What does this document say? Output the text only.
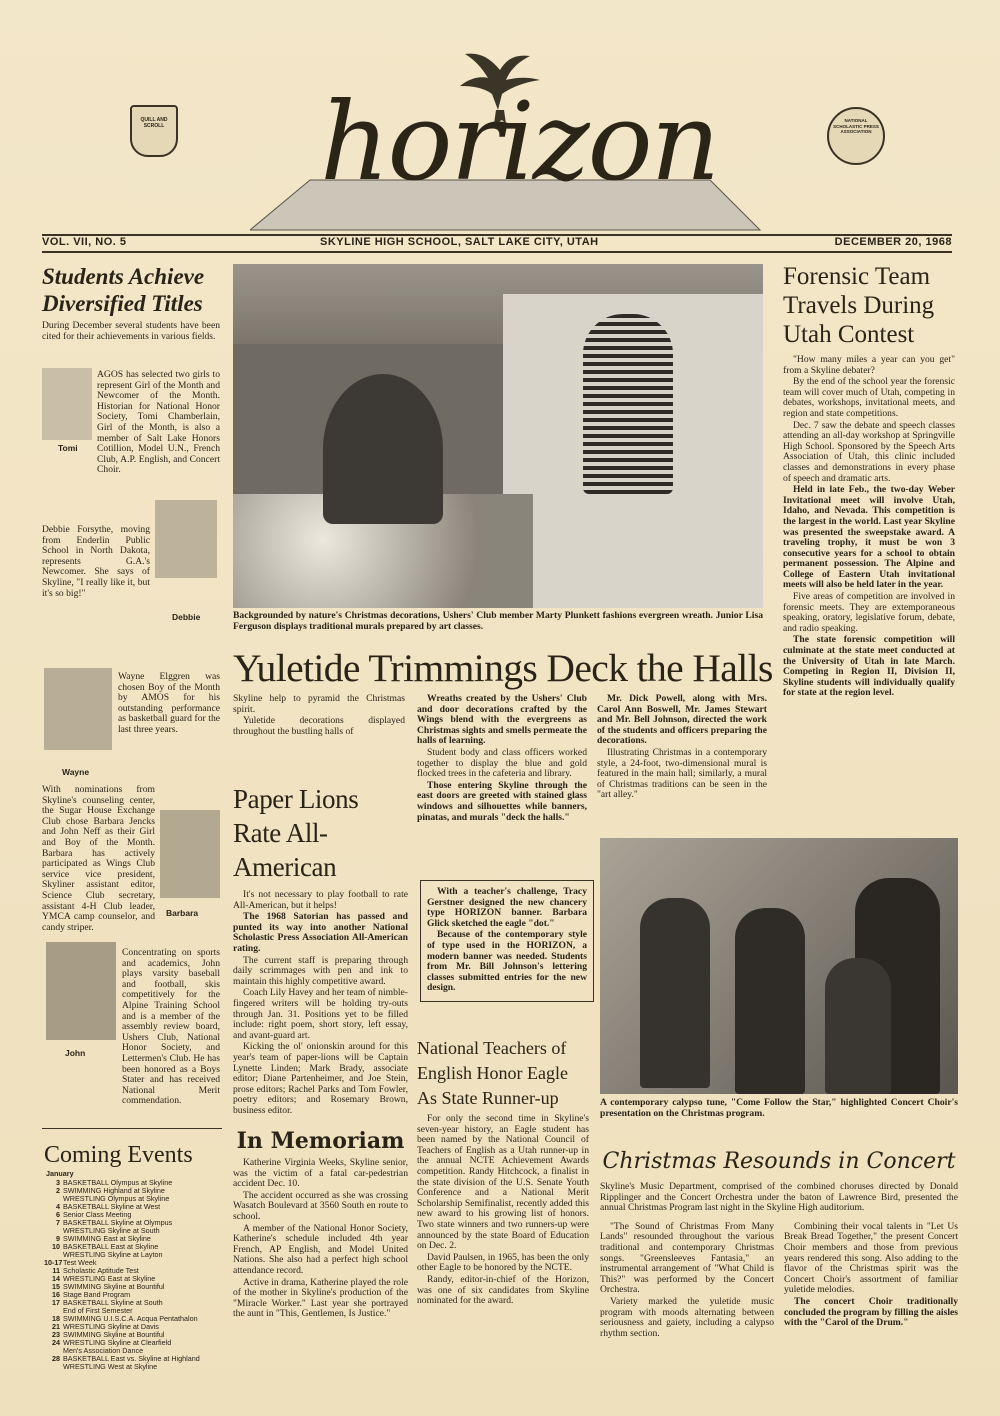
horizon
QUILL AND SCROLL
NATIONAL SCHOLASTIC PRESS ASSOCIATION
VOL. VII, NO. 5	SKYLINE HIGH SCHOOL, SALT LAKE CITY, UTAH	DECEMBER 20, 1968
Students Achieve Diversified Titles
During December several students have been cited for their achievements in various fields.
Tomi
AGOS has selected two girls to represent Girl of the Month and Newcomer of the Month. Historian for National Honor Society, Tomi Chamberlain, Girl of the Month, is also a member of Salt Lake Honors Cotillion, Model U.N., French Club, A.P. English, and Concert Choir.
Debbie
Debbie Forsythe, moving from Enderlin Public School in North Dakota, represents G.A.'s Newcomer. She says of Skyline, "I really like it, but it's so big!"
Wayne
Wayne Elggren was chosen Boy of the Month by AMOS for his outstanding performance as basketball guard for the last three years.
Barbara
With nominations from Skyline's counseling center, the Sugar House Exchange Club chose Barbara Jencks and John Neff as their Girl and Boy of the Month. Barbara has actively participated as Wings Club service vice president, Skyliner assistant editor, Science Club secretary, assistant 4-H Club leader, YMCA camp counselor, and candy striper.
John
Concentrating on sports and academics, John plays varsity baseball and football, skis competitively for the Alpine Training School and is a member of the assembly review board, Ushers Club, National Honor Society, and Lettermen's Club. He has been honored as a Boys Stater and has received National Merit commendation.
Coming Events
January
3 BASKETBALL Olympus at Skyline
2 SWIMMING Highland at Skyline
WRESTLING Olympus at Skyline
4 BASKETBALL Skyline at West
6 Senior Class Meeting
7 BASKETBALL Skyline at Olympus
WRESTLING Skyline at South
9 SWIMMING East at Skyline
10 BASKETBALL East at Skyline
WRESTLING Skyline at Layton
10-17Test Week
11 Scholastic Aptitude Test
14 WRESTLING East at Skyline
15 SWIMMING Skyline at Bountiful
16 Stage Band Program
17 BASKETBALL Skyline at South
End of First Semester
18 SWIMMING U.I.S.C.A. Acqua Pentathalon
21 WRESTLING Skyline at Davis
23 SWIMMING Skyline at Bountiful
24 WRESTLING Skyline at Clearfield
Men's Association Dance
28 BASKETBALL East vs. Skyline at Highland
WRESTLING West at Skyline
Backgrounded by nature's Christmas decorations, Ushers' Club member Marty Plunkett fashions evergreen wreath. Junior Lisa Ferguson displays traditional murals prepared by art classes.
Yuletide Trimmings Deck the Halls

Skyline help to pyramid the Christmas spirit.

Yuletide decorations displayed throughout the bustling halls of

Wreaths created by the Ushers' Club and door decorations crafted by the Wings blend with the evergreens as Christmas sights and smells permeate the halls of learning.

Student body and class officers worked together to display the blue and gold flocked trees in the cafeteria and library.

Those entering Skyline through the east doors are greeted with stained glass windows and silhouettes while banners, pinatas, and murals "deck the halls."

Mr. Dick Powell, along with Mrs. Carol Ann Boswell, Mr. James Stewart and Mr. Bell Johnson, directed the work of the students and officers preparing the decorations.

Illustrating Christmas in a contemporary style, a 24-foot, two-dimensional mural is featured in the main hall; similarly, a mural of Christmas traditions can be seen in the "art alley."

Paper Lions Rate All-American

It's not necessary to play football to rate All-American, but it helps!

The 1968 Satorian has passed and punted its way into another National Scholastic Press Association All-American rating.

The current staff is preparing through daily scrimmages with pen and ink to maintain this highly competitive award.

Coach Lily Havey and her team of nimble-fingered writers will be holding try-outs through Jan. 31. Positions yet to be filled include: right poem, short story, left essay, and avant-guard art.

Kicking the ol' onionskin around for this year's team of paper-lions will be Captain Lynette Linden; Mark Brady, associate editor; Diane Partenheimer, and Joe Stein, prose editors; Rachel Parks and Tom Fowler, poetry editors; and Rosemary Brown, business editor.

In Memoriam

Katherine Virginia Weeks, Skyline senior, was the victim of a fatal car-pedestrian accident Dec. 10.

The accident occurred as she was crossing Wasatch Boulevard at 3560 South en route to school.

A member of the National Honor Society, Katherine's schedule included 4th year French, AP English, and Model United Nations. She also had a perfect high school attendance record.

Active in drama, Katherine played the role of the mother in Skyline's production of the "Miracle Worker." Last year she portrayed the aunt in "This, Gentlemen, Is Justice."

With a teacher's challenge, Tracy Gerstner designed the new chancery type HORIZON banner. Barbara Glick sketched the eagle "dot."

Because of the contemporary style of type used in the HORIZON, a modern banner was needed. Students from Mr. Bill Johnson's lettering classes submitted entries for the new design.

National Teachers of English Honor Eagle As State Runner-up

For only the second time in Skyline's seven-year history, an Eagle student has been named by the National Council of Teachers of English as a Utah runner-up in the annual NCTE Achievement Awards competition. Randy Hitchcock, a finalist in the state division of the U.S. Senate Youth Conference and a National Merit Scholarship Semifinalist, recently added this new award to his growing list of honors. Two state winners and two runners-up were announced by the state Board of Education on Dec. 2.

David Paulsen, in 1965, has been the only other Eagle to be honored by the NCTE.

Randy, editor-in-chief of the Horizon, was one of six candidates from Skyline nominated for the award.

Forensic Team Travels During Utah Contest

"How many miles a year can you get" from a Skyline debater?

By the end of the school year the forensic team will cover much of Utah, competing in debates, workshops, invitational meets, and region and state competitions.

Dec. 7 saw the debate and speech classes attending an all-day workshop at Springville High School. Sponsored by the Speech Arts Association of Utah, this clinic included classes and demonstrations in every phase of speech and dramatic arts.

Held in late Feb., the two-day Weber Invitational meet will involve Utah, Idaho, and Nevada. This competition is the largest in the world. Last year Skyline was presented the sweepstake award. A traveling trophy, it must be won 3 consecutive years for a school to obtain permanent possession. The Alpine and College of Eastern Utah invitational meets will also be held later in the year.

Five areas of competition are involved in forensic meets. They are extemporaneous speaking, oratory, legislative forum, debate, and radio speaking.

The state forensic competition will culminate at the state meet conducted at the University of Utah in late March. Competing in Region II, Division II, Skyline students will individually qualify for state at the region level.

A contemporary calypso tune, "Come Follow the Star," highlighted Concert Choir's presentation on the Christmas program.
Christmas Resounds in Concert
Skyline's Music Department, comprised of the combined choruses directed by Donald Ripplinger and the Concert Orchestra under the baton of Lawrence Bird, presented the annual Christmas Program last night in the Skyline High auditorium.

"The Sound of Christmas From Many Lands" resounded throughout the various traditional and contemporary Christmas songs. "Greensleeves Fantasia," an instrumental arrangement of "What Child is This?" was performed by the Concert Orchestra.

Variety marked the yuletide music program with moods alternating between seriousness and gaiety, including a calypso rhythm section.

Combining their vocal talents in "Let Us Break Bread Together," the present Concert Choir members and those from previous years rendered this song. Also adding to the flavor of the Christmas spirit was the Concert Choir's assortment of familiar yuletide melodies.

The concert Choir traditionally concluded the program by filling the aisles with the "Carol of the Drum."
